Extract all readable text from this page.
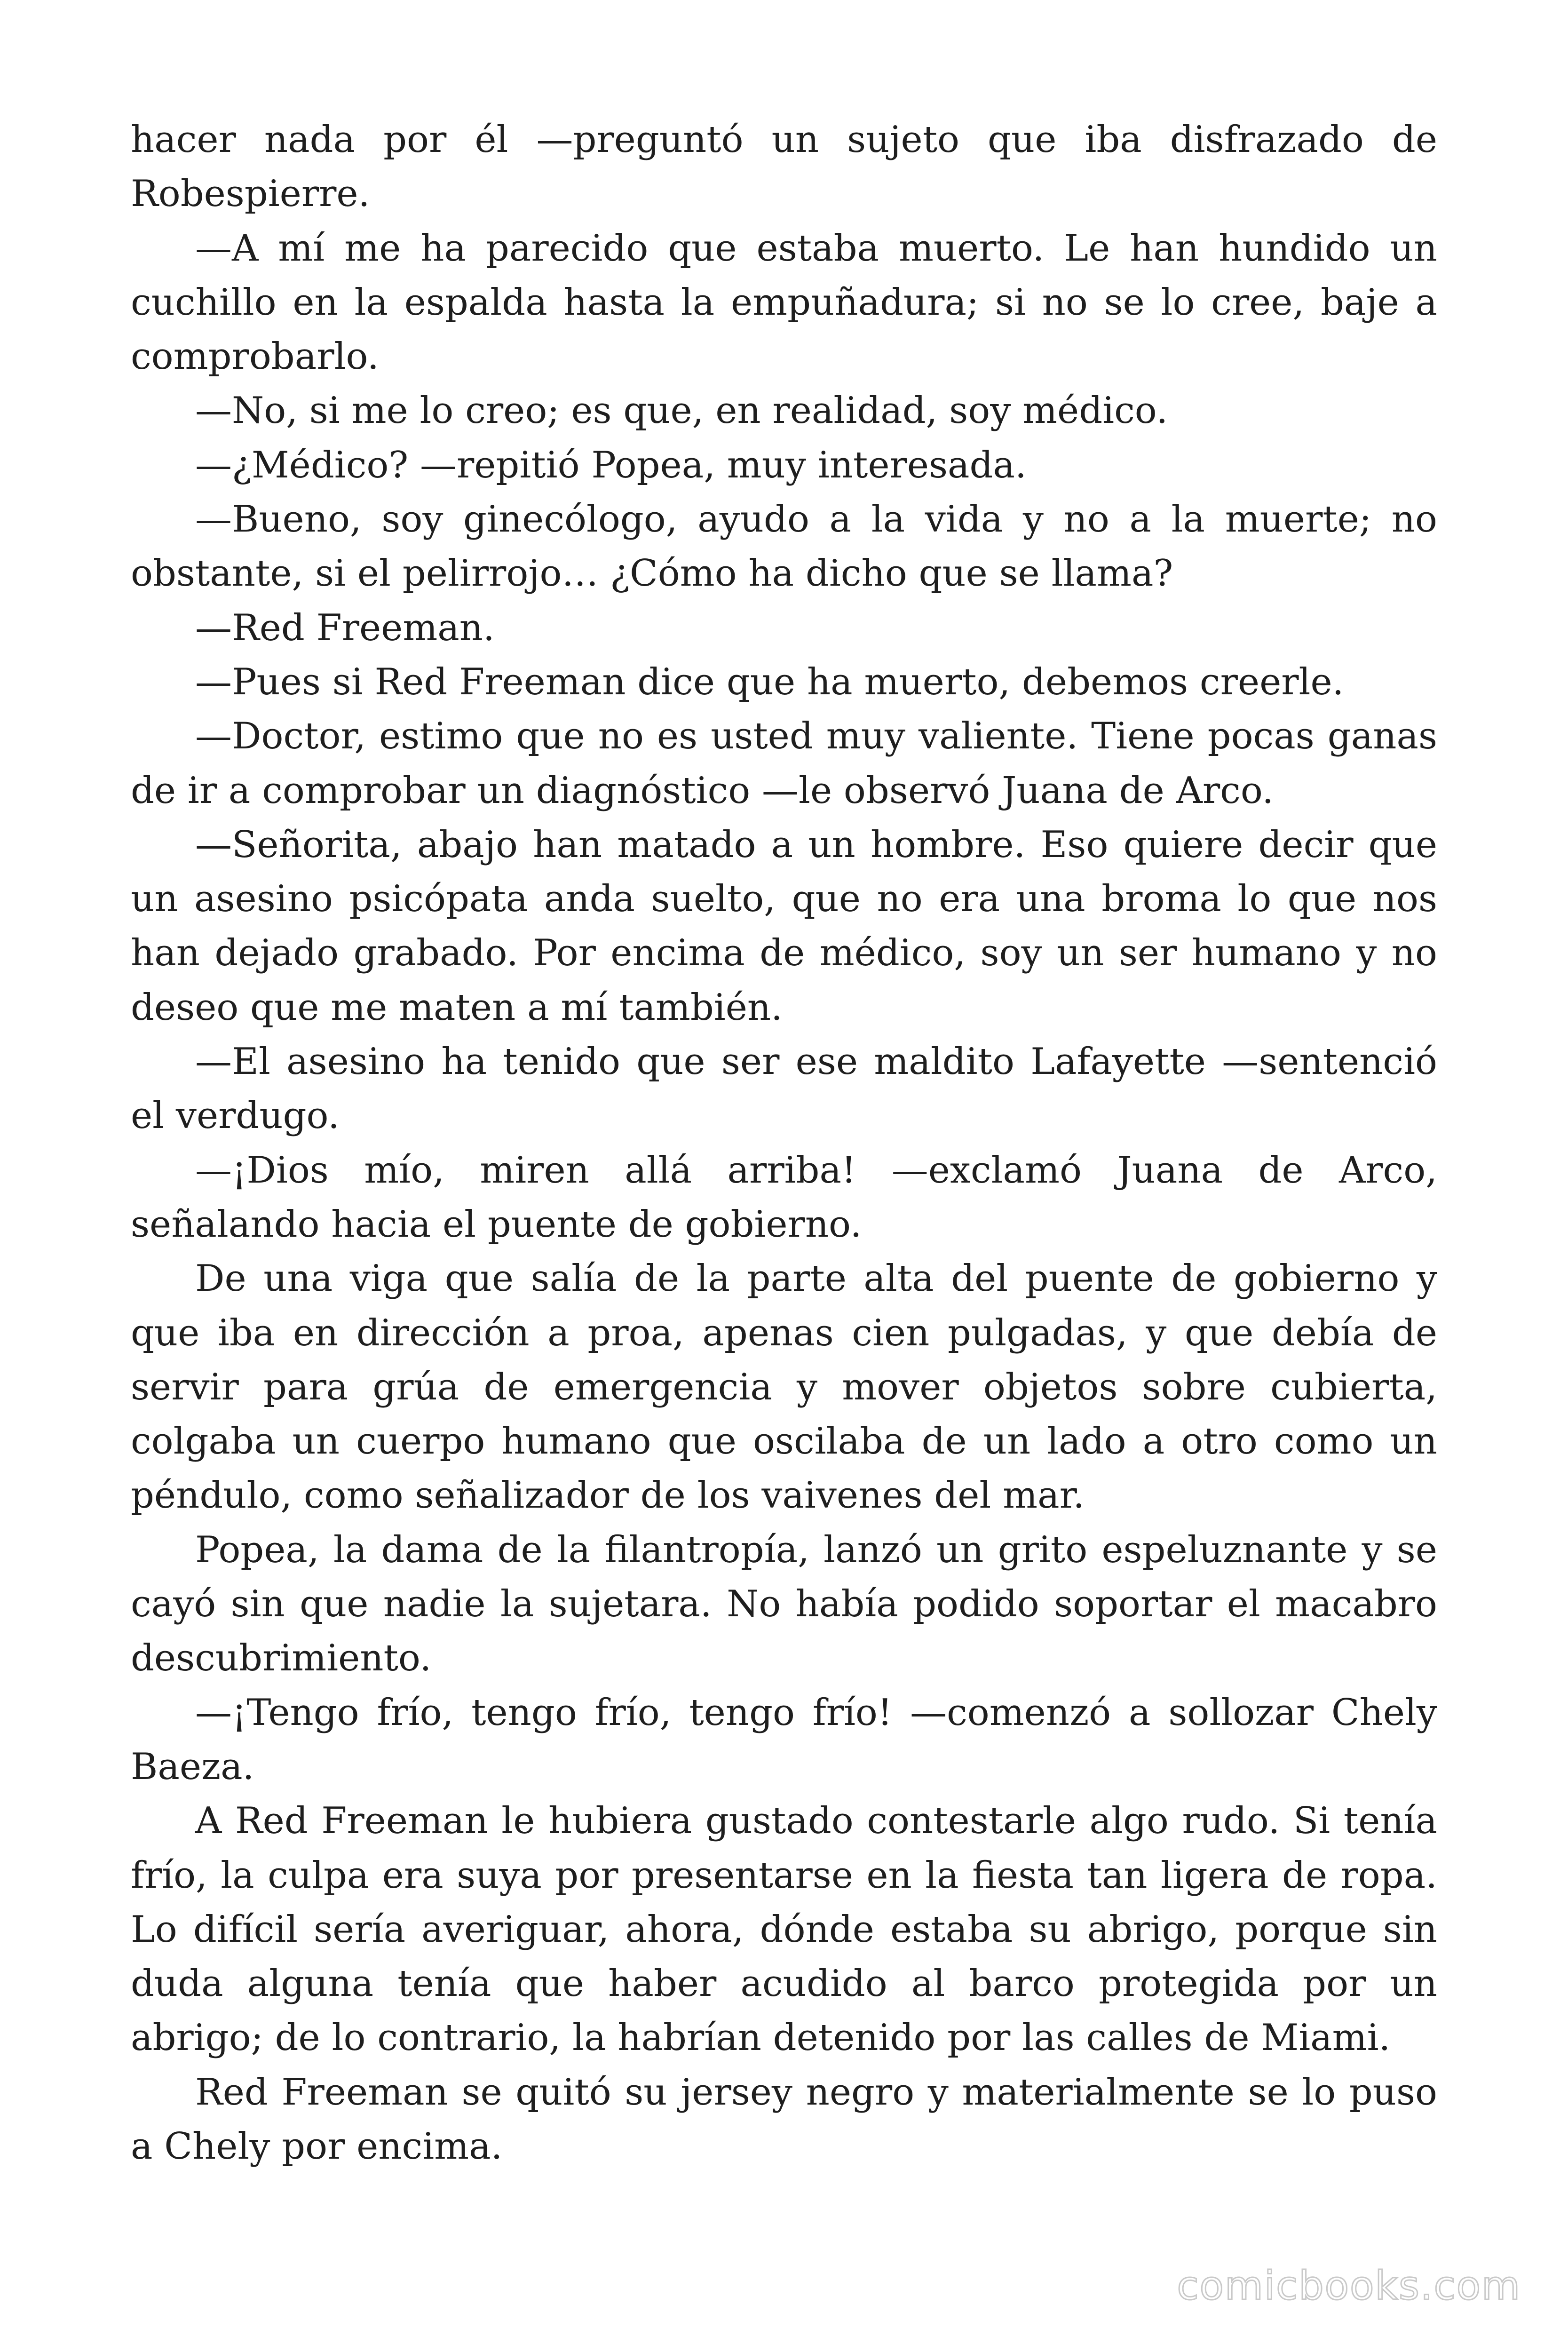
hacer nada por él —preguntó un sujeto que iba disfrazado de Robespierre.

—A mí me ha parecido que estaba muerto. Le han hundido un cuchillo en la espalda hasta la empuñadura; si no se lo cree, baje a comprobarlo.

—No, si me lo creo; es que, en realidad, soy médico.

—¿Médico? —repitió Popea, muy interesada.

—Bueno, soy ginecólogo, ayudo a la vida y no a la muerte; no obstante, si el pelirrojo… ¿Cómo ha dicho que se llama?

—Red Freeman.

—Pues si Red Freeman dice que ha muerto, debemos creerle.

—Doctor, estimo que no es usted muy valiente. Tiene pocas ganas de ir a comprobar un diagnóstico —le observó Juana de Arco.

—Señorita, abajo han matado a un hombre. Eso quiere decir que un asesino psicópata anda suelto, que no era una broma lo que nos han dejado grabado. Por encima de médico, soy un ser humano y no deseo que me maten a mí también.

—El asesino ha tenido que ser ese maldito Lafayette —sentenció el verdugo.

—¡Dios mío, miren allá arriba! —exclamó Juana de Arco, señalando hacia el puente de gobierno.

De una viga que salía de la parte alta del puente de gobierno y que iba en dirección a proa, apenas cien pulgadas, y que debía de servir para grúa de emergencia y mover objetos sobre cubierta, colgaba un cuerpo humano que oscilaba de un lado a otro como un péndulo, como señalizador de los vaivenes del mar.

Popea, la dama de la filantropía, lanzó un grito espeluznante y se cayó sin que nadie la sujetara. No había podido soportar el macabro descubrimiento.

—¡Tengo frío, tengo frío, tengo frío! —comenzó a sollozar Chely Baeza.

A Red Freeman le hubiera gustado contestarle algo rudo. Si tenía frío, la culpa era suya por presentarse en la fiesta tan ligera de ropa. Lo difícil sería averiguar, ahora, dónde estaba su abrigo, porque sin duda alguna tenía que haber acudido al barco protegida por un abrigo; de lo contrario, la habrían detenido por las calles de Miami.

Red Freeman se quitó su jersey negro y materialmente se lo puso a Chely por encima.

comicbooks.com
